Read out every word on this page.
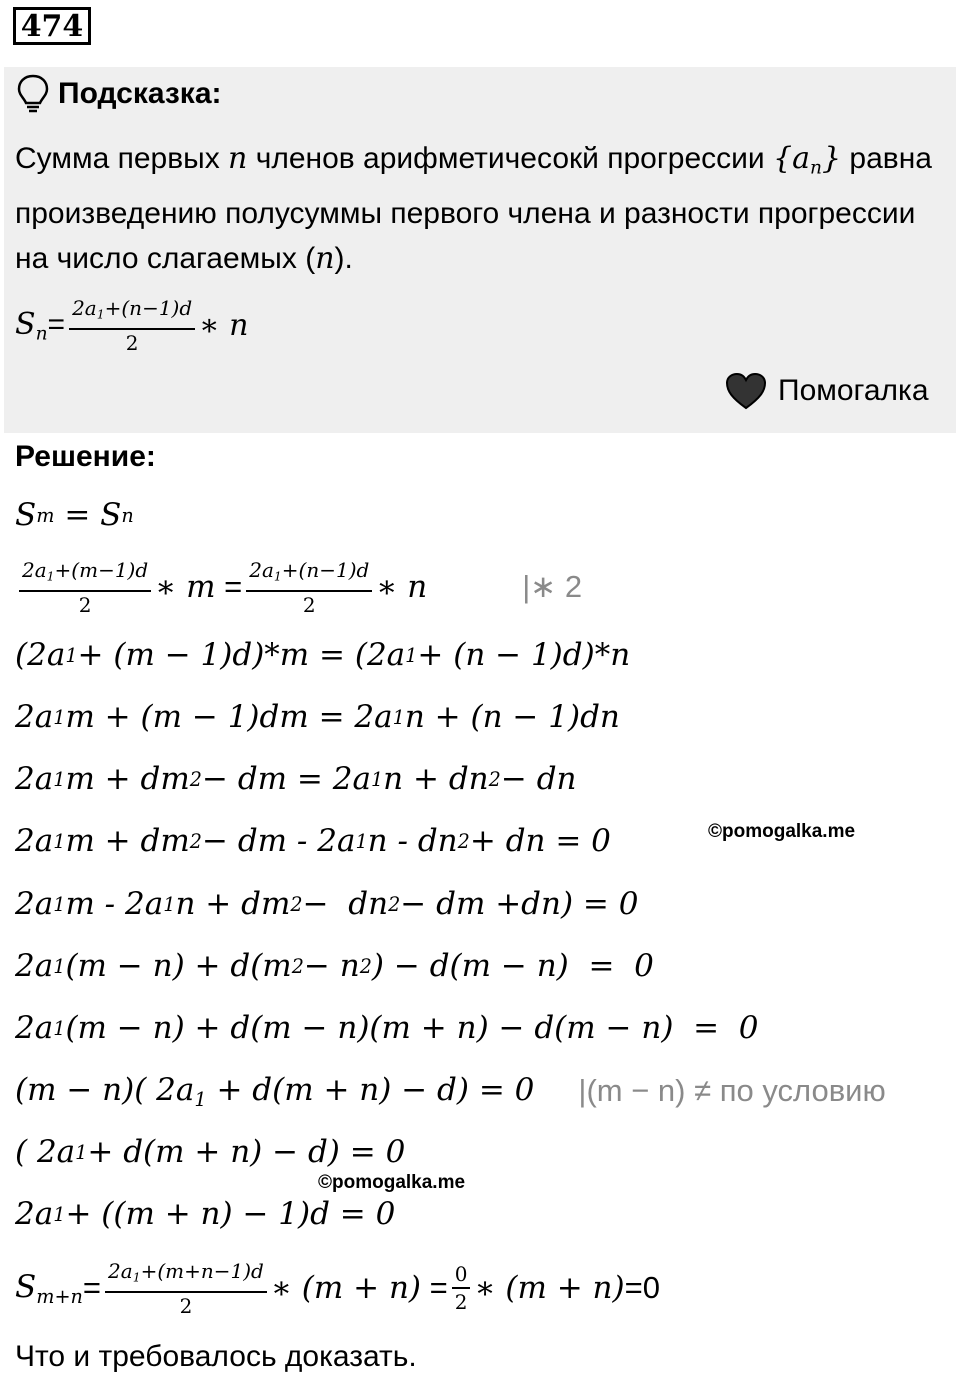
474
Подсказка:
Сумма первых n членов арифметичесокй прогрессии $\{a_n\}$ равна произведению полусуммы первого члена и разности прогрессии на число слагаемых (n).
$S_n = \frac{2a_1+(n-1)d}{2}$ ∗ n
Помогалка
Решение:
S m = S n
$\frac{2a_1+(m-1)d}{2}$ ∗ $m = \frac{2a_1+(n-1)d}{2}$ ∗ n	|∗ 2
(2a 1 + (m − 1)d)*m = (2a 1 + (n − 1)d)*n
2a 1 m + (m − 1)dm = 2a 1 n + (n − 1)dn
2a 1 m + dm 2 − dm = 2a 1 n + dn 2 − dn
2a 1 m + dm 2 − dm - 2a 1 n - dn 2 + dn = 0
2a 1 m - 2a 1 n + dm 2 −  dn 2 − dm +dn) = 0
2a 1 (m − n) + d(m 2 − n 2 ) − d(m − n)  =  0
2a 1 (m − n) + d(m − n)(m + n) − d(m − n)  =  0
(m − n)( $2a_1 + d(m + n) - d) = 0$ |(m − n) ≠ по условию
( 2a 1 + d(m + n) − d) = 0
2a 1 + ((m + n) − 1)d = 0
$S_{m+n} = \frac{2a_1+(m+n-1)d}{2}$ ∗ $(m + n) = \frac{0}{2}$ ∗ (m + n) =0
©pomogalka.me
©pomogalka.me
Что и требовалось доказать.
